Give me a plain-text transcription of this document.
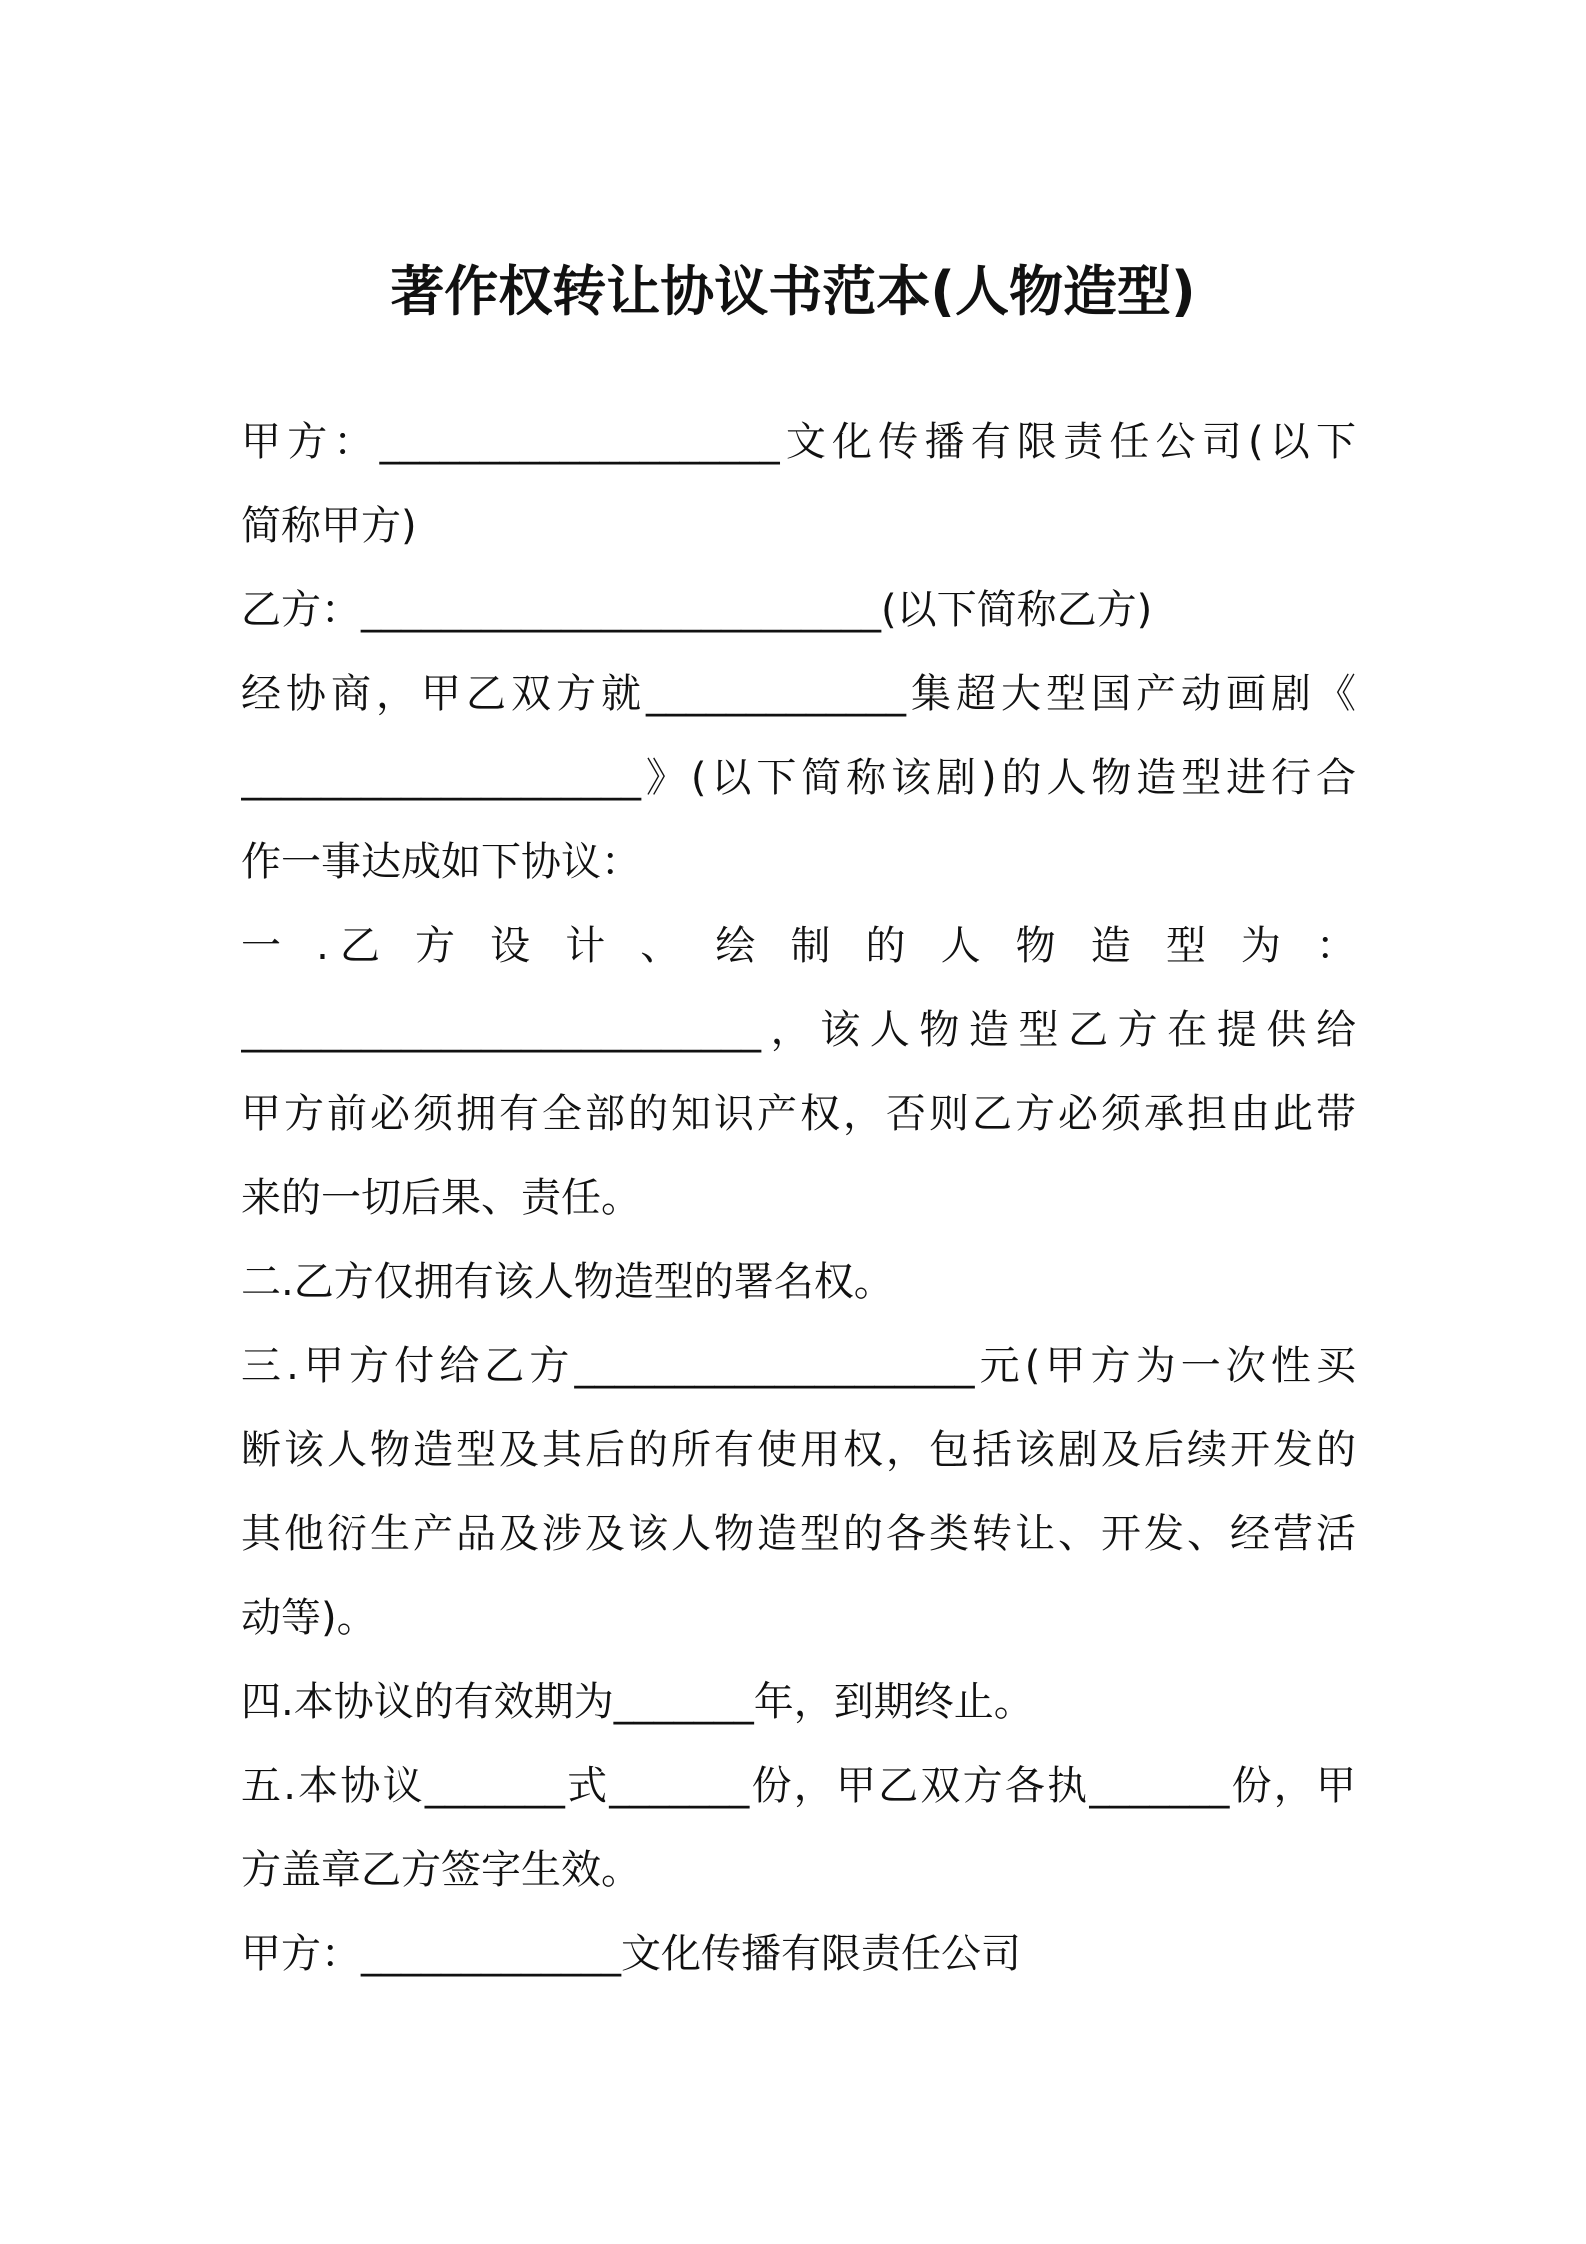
著作权转让协议书范本(人物造型)
甲方：____________________文化传播有限责任公司(以下
简称甲方)
乙方：__________________________(以下简称乙方)
经协商，甲乙双方就_____________集超大型国产动画剧《
____________________》(以下简称该剧)的人物造型进行合
作一事达成如下协议：
一 .乙 方 设 计 、 绘 制 的 人 物 造 型 为 ：
__________________________，该人物造型乙方在提供给
甲方前必须拥有全部的知识产权，否则乙方必须承担由此带
来的一切后果、责任。
二.乙方仅拥有该人物造型的署名权。
三.甲方付给乙方____________________元(甲方为一次性买
断该人物造型及其后的所有使用权，包括该剧及后续开发的
其他衍生产品及涉及该人物造型的各类转让、开发、经营活
动等)。
四.本协议的有效期为_______年，到期终止。
五.本协议_______式_______份，甲乙双方各执_______份，甲
方盖章乙方签字生效。
甲方：_____________文化传播有限责任公司
